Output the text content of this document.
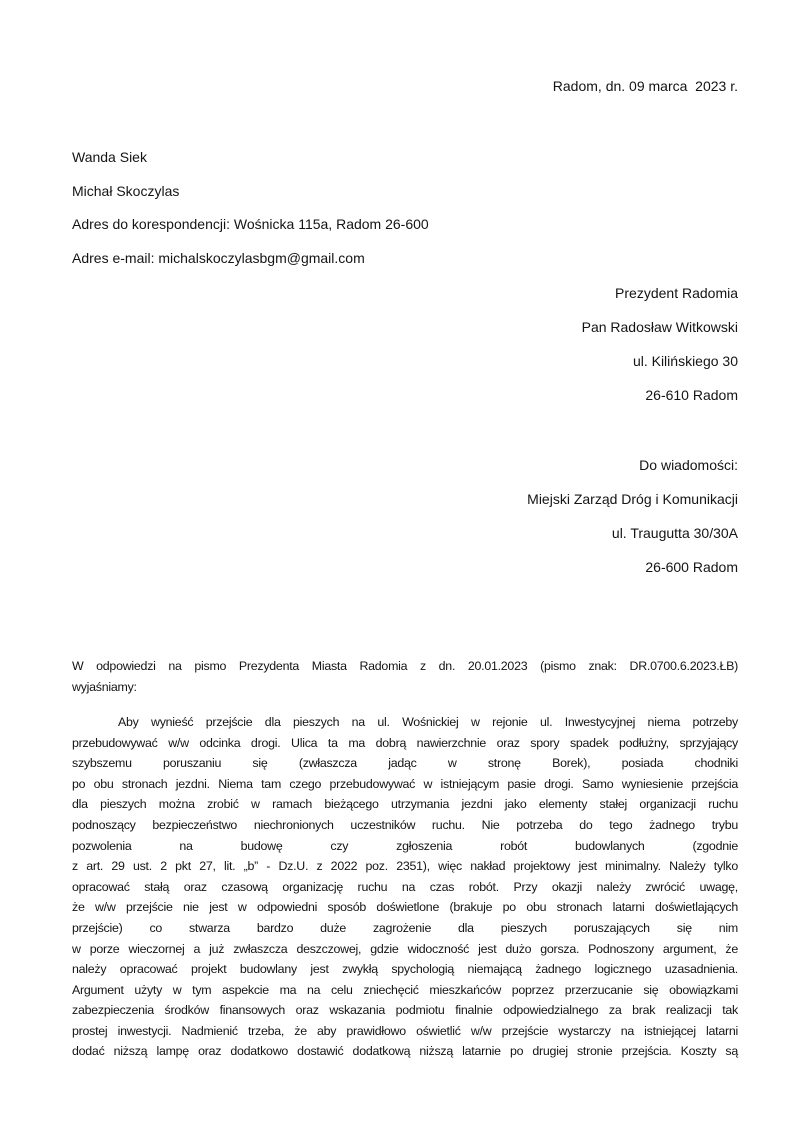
Radom, dn. 09 marca  2023 r.
Wanda Siek
Michał Skoczylas
Adres do korespondencji: Wośnicka 115a, Radom 26-600
Adres e-mail: michalskoczylasbgm@gmail.com
Prezydent Radomia
Pan Radosław Witkowski
ul. Kilińskiego 30
26-610 Radom
Do wiadomości:
Miejski Zarząd Dróg i Komunikacji
ul. Traugutta 30/30A
26-600 Radom
W odpowiedzi na pismo Prezydenta Miasta Radomia z dn. 20.01.2023 (pismo znak: DR.0700.6.2023.ŁB)
wyjaśniamy:
Aby wynieść przejście dla pieszych na ul. Wośnickiej w rejonie ul. Inwestycyjnej niema potrzeby
przebudowywać w/w odcinka drogi. Ulica ta ma dobrą nawierzchnie oraz spory spadek podłużny, sprzyjający
szybszemu poruszaniu się (zwłaszcza jadąc w stronę Borek), posiada chodniki
po obu stronach jezdni. Niema tam czego przebudowywać w istniejącym pasie drogi. Samo wyniesienie przejścia
dla pieszych można zrobić w ramach bieżącego utrzymania jezdni jako elementy stałej organizacji ruchu
podnoszący bezpieczeństwo niechronionych uczestników ruchu. Nie potrzeba do tego żadnego trybu
pozwolenia na budowę czy zgłoszenia robót budowlanych (zgodnie
z art. 29 ust. 2 pkt 27, lit. „b” - Dz.U. z 2022 poz. 2351), więc nakład projektowy jest minimalny. Należy tylko
opracować stałą oraz czasową organizację ruchu na czas robót. Przy okazji należy zwrócić uwagę,
że w/w przejście nie jest w odpowiedni sposób doświetlone (brakuje po obu stronach latarni doświetlających
przejście) co stwarza bardzo duże zagrożenie dla pieszych poruszających się nim
w porze wieczornej a już zwłaszcza deszczowej, gdzie widoczność jest dużo gorsza. Podnoszony argument, że
należy opracować projekt budowlany jest zwykłą spychologią niemającą żadnego logicznego uzasadnienia.
Argument użyty w tym aspekcie ma na celu zniechęcić mieszkańców poprzez przerzucanie się obowiązkami
zabezpieczenia środków finansowych oraz wskazania podmiotu finalnie odpowiedzialnego za brak realizacji tak
prostej inwestycji. Nadmienić trzeba, że aby prawidłowo oświetlić w/w przejście wystarczy na istniejącej latarni
dodać niższą lampę oraz dodatkowo dostawić dodatkową niższą latarnie po drugiej stronie przejścia. Koszty są
